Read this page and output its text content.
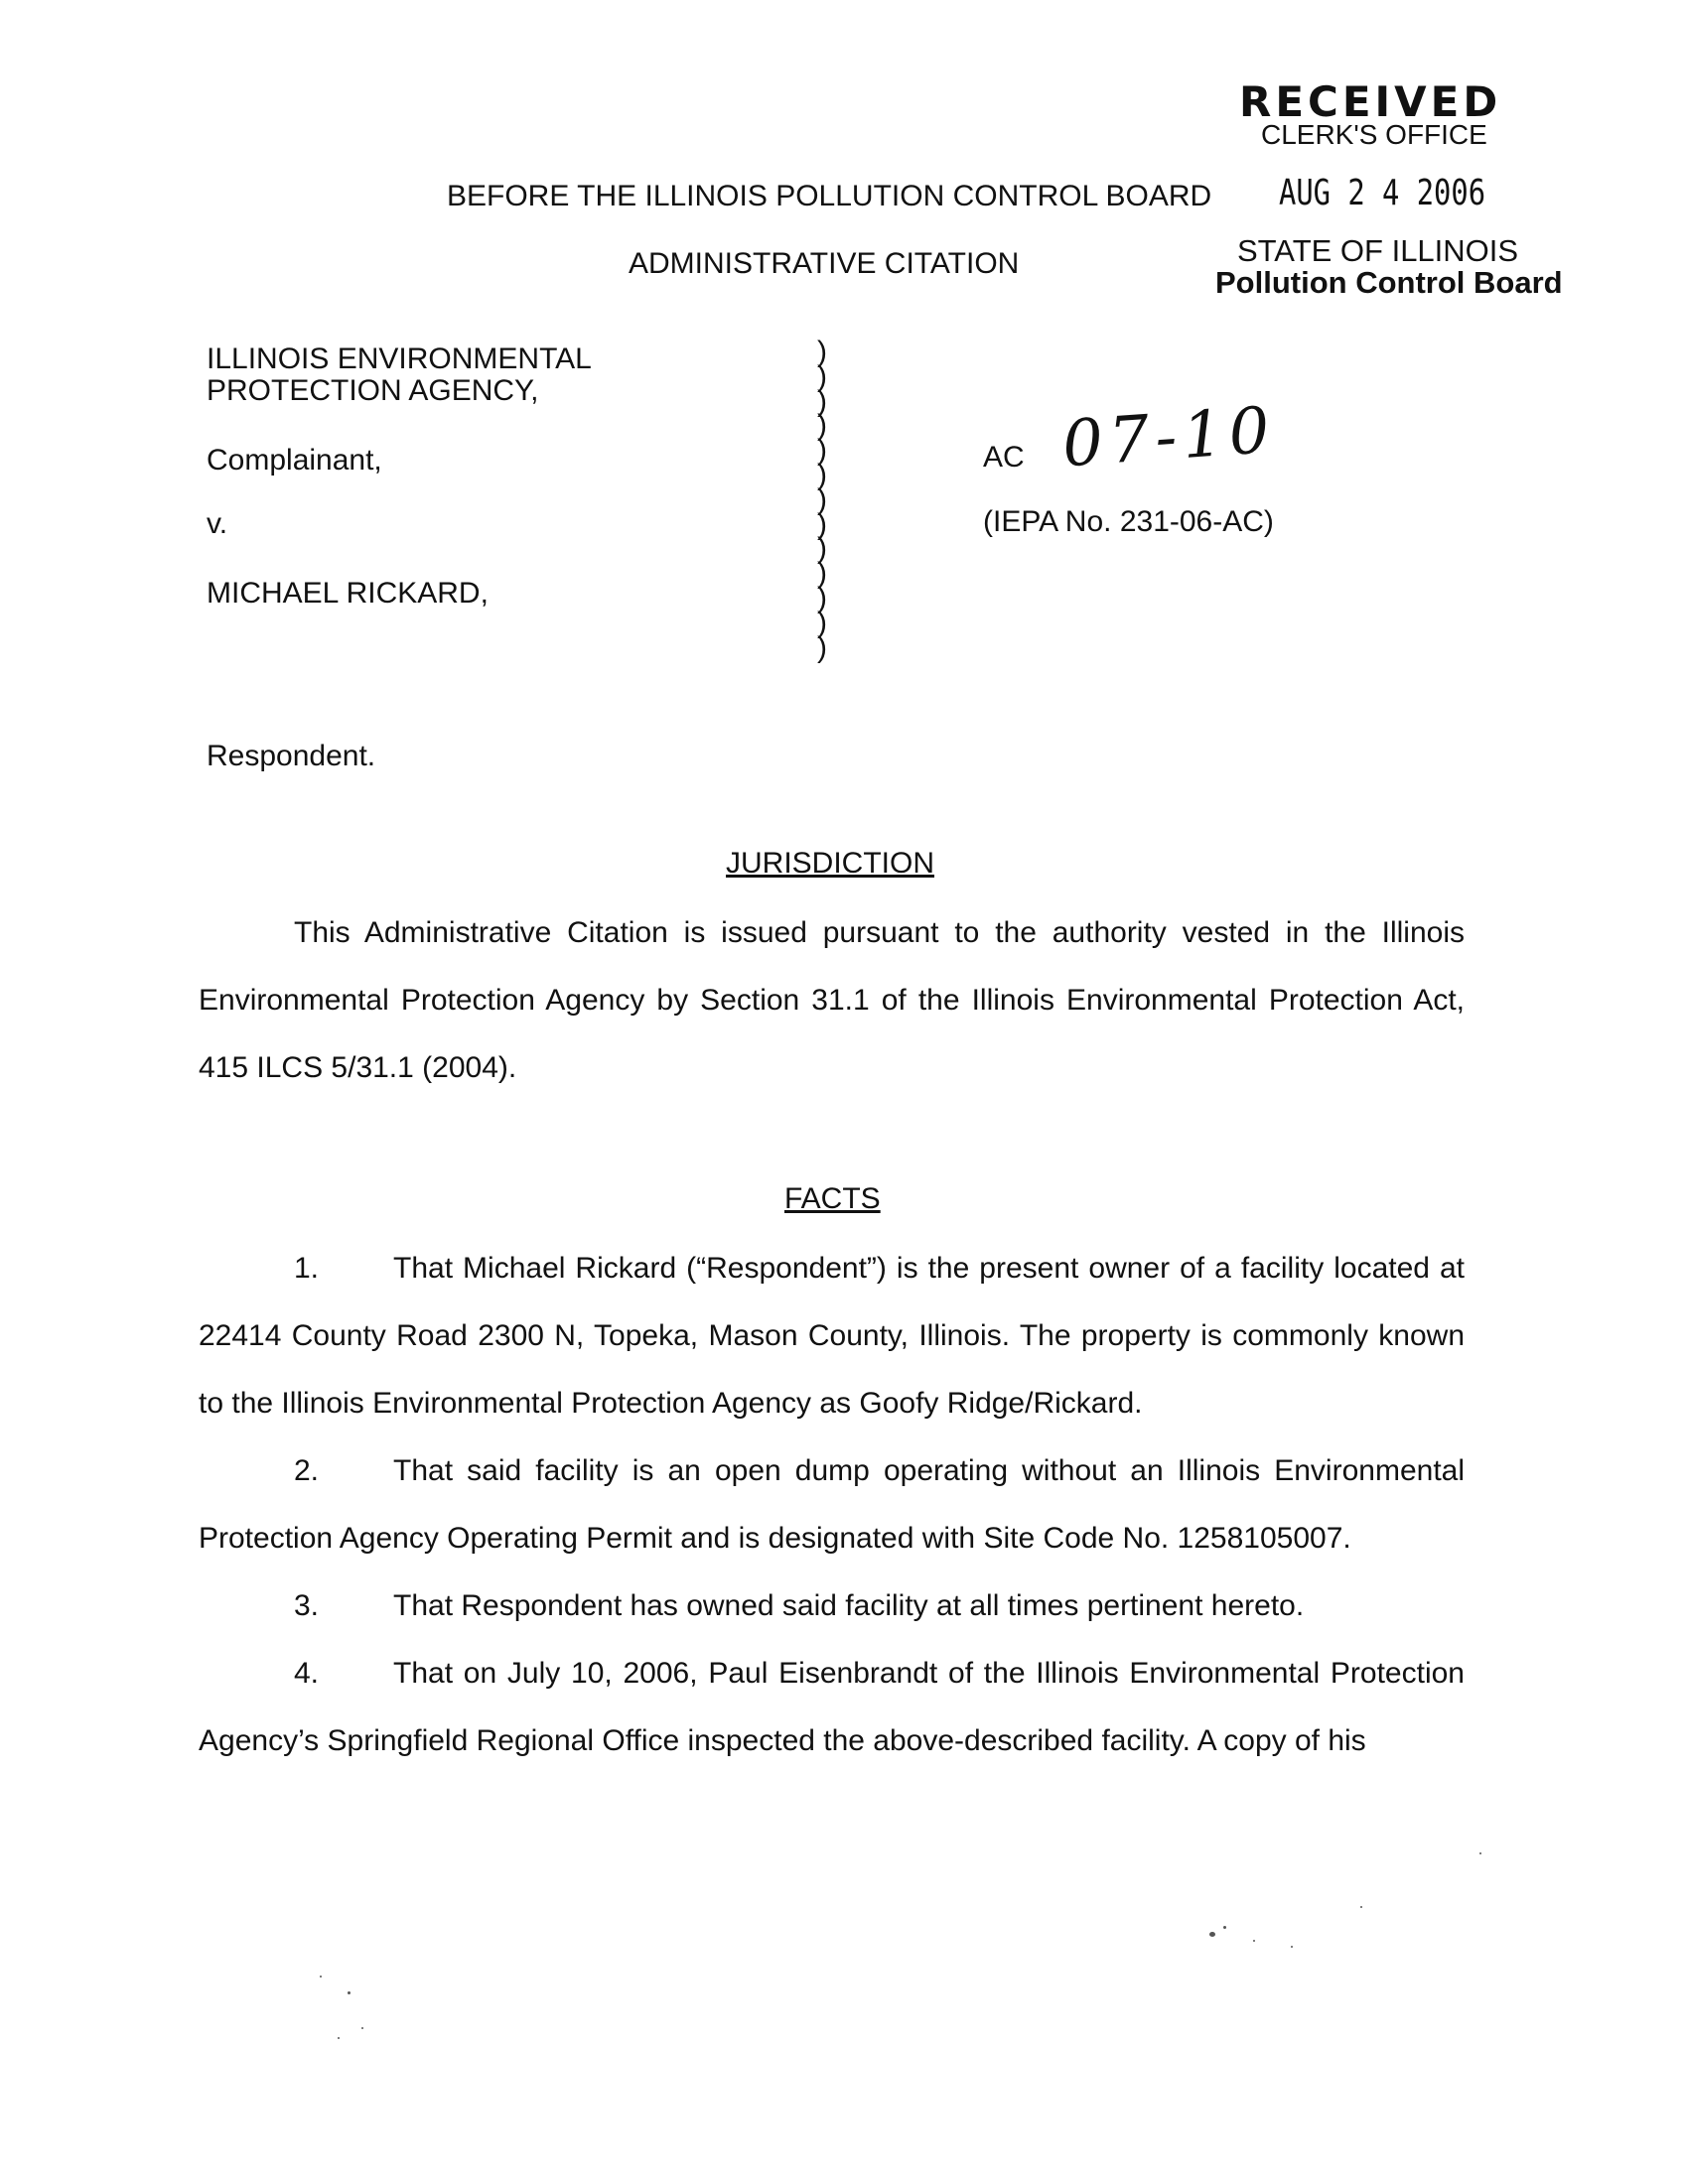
RECEIVED
CLERK'S OFFICE
AUG 2 4 2006
STATE OF ILLINOIS
Pollution Control Board
BEFORE THE ILLINOIS POLLUTION CONTROL BOARD
ADMINISTRATIVE CITATION
ILLINOIS ENVIRONMENTAL
PROTECTION AGENCY,
Complainant,
v.
MICHAEL RICKARD,
Respondent.
)
)
)
)
)
)
)
)
)
)
)
)
)
AC 07-10
(IEPA No. 231-06-AC)
JURISDICTION
This Administrative Citation is issued pursuant to the authority vested in the Illinois Environmental Protection Agency by Section 31.1 of the Illinois Environmental Protection Act, 415 ILCS 5/31.1 (2004).
FACTS
1. That Michael Rickard (“Respondent”) is the present owner of a facility located at 22414 County Road 2300 N, Topeka, Mason County, Illinois. The property is commonly known to the Illinois Environmental Protection Agency as Goofy Ridge/Rickard.
2. That said facility is an open dump operating without an Illinois Environmental Protection Agency Operating Permit and is designated with Site Code No. 1258105007.
3. That Respondent has owned said facility at all times pertinent hereto.
4. That on July 10, 2006, Paul Eisenbrandt of the Illinois Environmental Protection Agency’s Springfield Regional Office inspected the above-described facility. A copy of his
